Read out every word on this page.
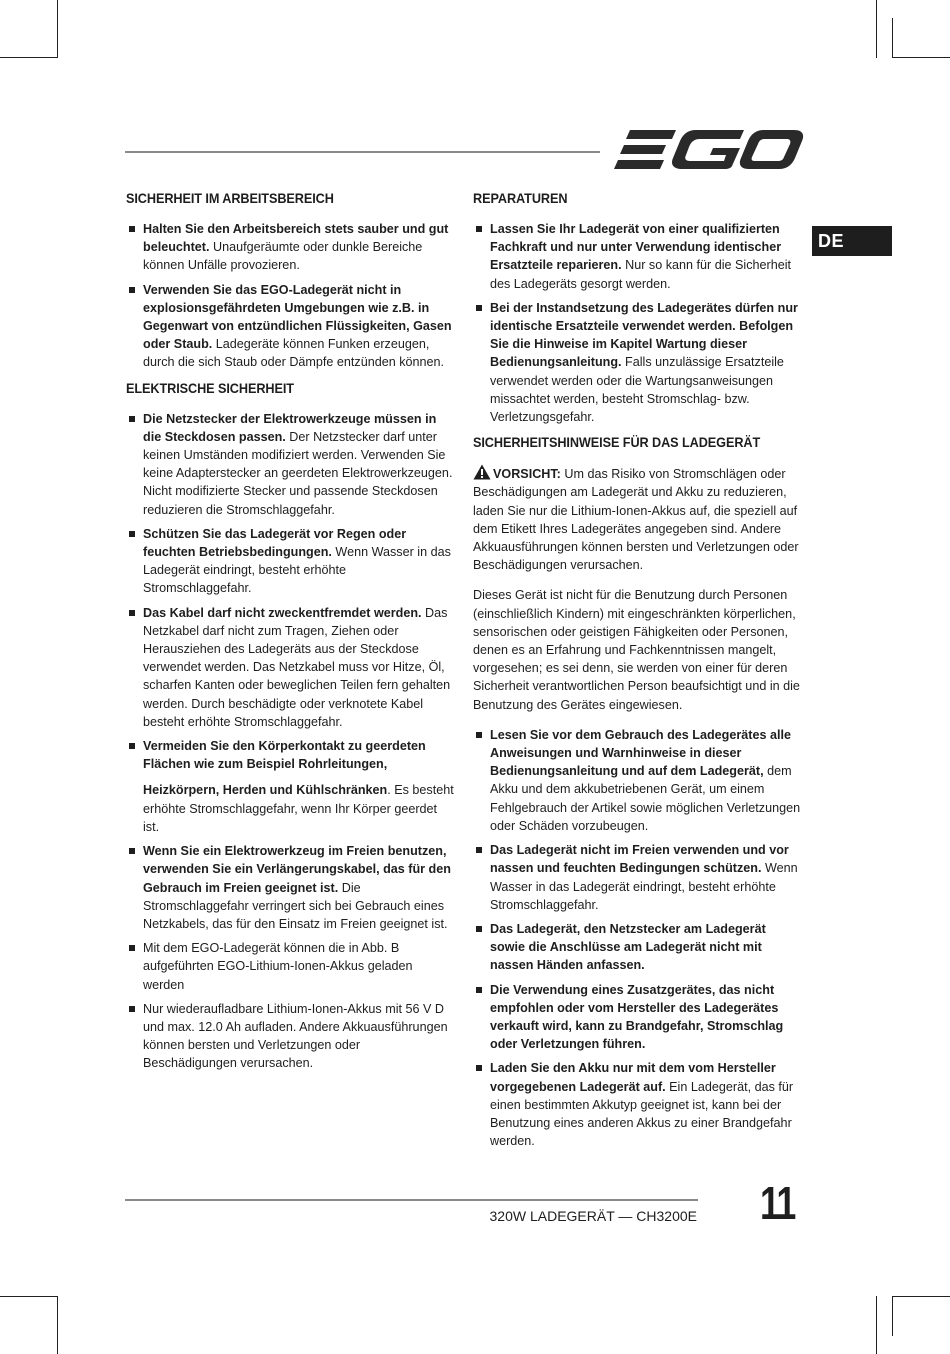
DE
SICHERHEIT IM ARBEITSBEREICH
Halten Sie den Arbeitsbereich stets sauber und gut beleuchtet. Unaufgeräumte oder dunkle Bereiche können Unfälle provozieren.
Verwenden Sie das EGO-Ladegerät nicht in explosionsgefährdeten Umgebungen wie z.B. in Gegenwart von entzündlichen Flüssigkeiten, Gasen oder Staub. Ladegeräte können Funken erzeugen, durch die sich Staub oder Dämpfe entzünden können.
ELEKTRISCHE SICHERHEIT
Die Netzstecker der Elektrowerkzeuge müssen in die Steckdosen passen. Der Netzstecker darf unter keinen Umständen modifiziert werden. Verwenden Sie keine Adapterstecker an geerdeten Elektrowerkzeugen. Nicht modifizierte Stecker und passende Steckdosen reduzieren die Stromschlaggefahr.
Schützen Sie das Ladegerät vor Regen oder feuchten Betriebsbedingungen. Wenn Wasser in das Ladegerät eindringt, besteht erhöhte Stromschlaggefahr.
Das Kabel darf nicht zweckentfremdet werden. Das Netzkabel darf nicht zum Tragen, Ziehen oder Herausziehen des Ladegeräts aus der Steckdose verwendet werden. Das Netzkabel muss vor Hitze, Öl, scharfen Kanten oder beweglichen Teilen fern gehalten werden. Durch beschädigte oder verknotete Kabel besteht erhöhte Stromschlaggefahr.
Vermeiden Sie den Körperkontakt zu geerdeten Flächen wie zum Beispiel Rohrleitungen,
Heizkörpern, Herden und Kühlschränken. Es besteht erhöhte Stromschlaggefahr, wenn Ihr Körper geerdet ist.
Wenn Sie ein Elektrowerkzeug im Freien benutzen, verwenden Sie ein Verlängerungskabel, das für den Gebrauch im Freien geeignet ist. Die Stromschlaggefahr verringert sich bei Gebrauch eines Netzkabels, das für den Einsatz im Freien geeignet ist.
Mit dem EGO-Ladegerät können die in Abb. B aufgeführten EGO-Lithium-Ionen-Akkus geladen werden
Nur wiederaufladbare Lithium-Ionen-Akkus mit 56 V D und max. 12.0 Ah aufladen. Andere Akkuausführungen können bersten und Verletzungen oder Beschädigungen verursachen.
REPARATUREN
Lassen Sie Ihr Ladegerät von einer qualifizierten Fachkraft und nur unter Verwendung identischer Ersatzteile reparieren. Nur so kann für die Sicherheit des Ladegeräts gesorgt werden.
Bei der Instandsetzung des Ladegerätes dürfen nur identische Ersatzteile verwendet werden. Befolgen Sie die Hinweise im Kapitel Wartung dieser Bedienungsanleitung. Falls unzulässige Ersatzteile verwendet werden oder die Wartungsanweisungen missachtet werden, besteht Stromschlag- bzw. Verletzungsgefahr.
SICHERHEITSHINWEISE FÜR DAS LADEGERÄT

VORSICHT: Um das Risiko von Stromschlägen oder Beschädigungen am Ladegerät und Akku zu reduzieren, laden Sie nur die Lithium-Ionen-Akkus auf, die speziell auf dem Etikett Ihres Ladegerätes angegeben sind. Andere Akkuausführungen können bersten und Verletzungen oder Beschädigungen verursachen.

Dieses Gerät ist nicht für die Benutzung durch Personen (einschließlich Kindern) mit eingeschränkten körperlichen, sensorischen oder geistigen Fähigkeiten oder Personen, denen es an Erfahrung und Fachkenntnissen mangelt, vorgesehen; es sei denn, sie werden von einer für deren Sicherheit verantwortlichen Person beaufsichtigt und in die Benutzung des Gerätes eingewiesen.

Lesen Sie vor dem Gebrauch des Ladegerätes alle Anweisungen und Warnhinweise in dieser Bedienungsanleitung und auf dem Ladegerät, dem Akku und dem akkubetriebenen Gerät, um einem Fehlgebrauch der Artikel sowie möglichen Verletzungen oder Schäden vorzubeugen.
Das Ladegerät nicht im Freien verwenden und vor nassen und feuchten Bedingungen schützen. Wenn Wasser in das Ladegerät eindringt, besteht erhöhte Stromschlaggefahr.
Das Ladegerät, den Netzstecker am Ladegerät sowie die Anschlüsse am Ladegerät nicht mit nassen Händen anfassen.
Die Verwendung eines Zusatzgerätes, das nicht empfohlen oder vom Hersteller des Ladegerätes verkauft wird, kann zu Brandgefahr, Stromschlag oder Verletzungen führen.
Laden Sie den Akku nur mit dem vom Hersteller vorgegebenen Ladegerät auf. Ein Ladegerät, das für einen bestimmten Akkutyp geeignet ist, kann bei der Benutzung eines anderen Akkus zu einer Brandgefahr werden.
320W LADEGERÄT — CH3200E 11
